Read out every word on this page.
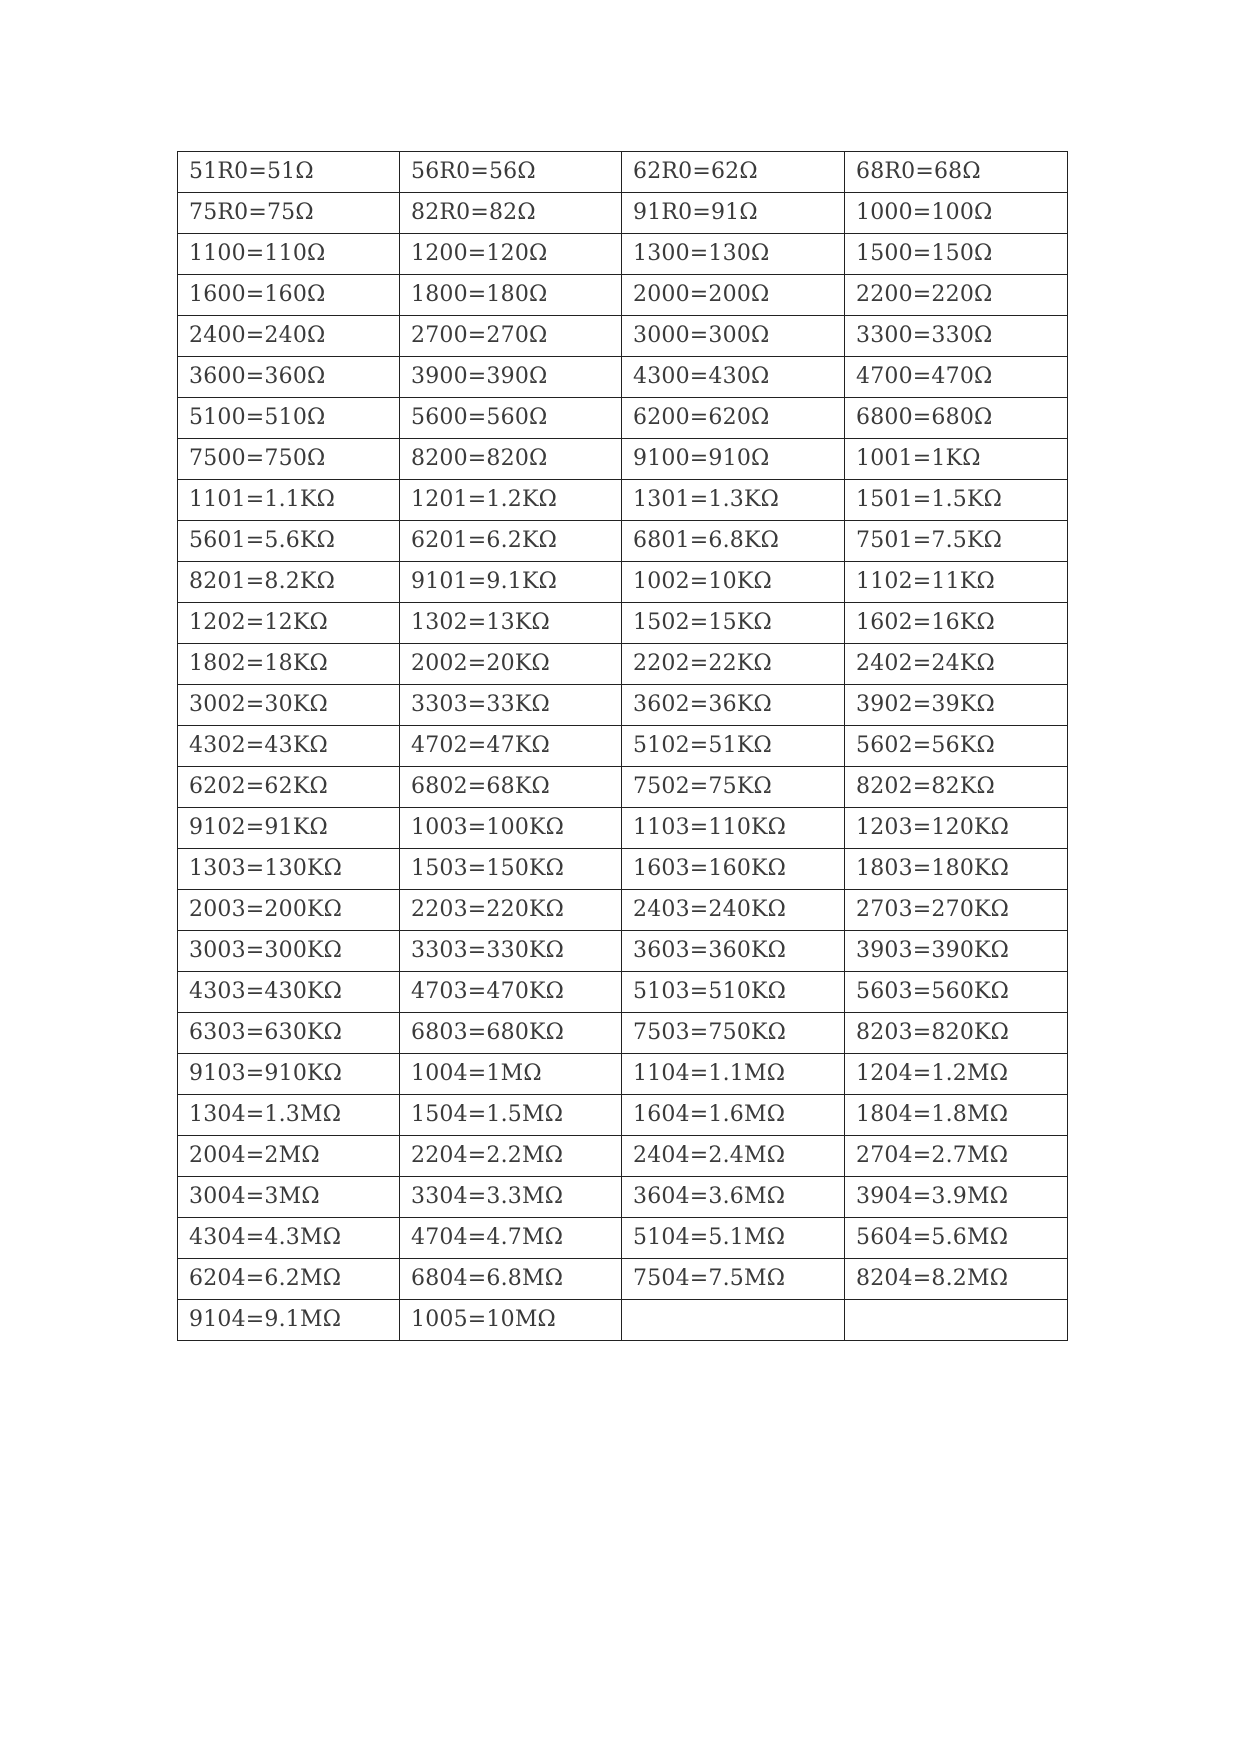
51R0=51Ω	56R0=56Ω	62R0=62Ω	68R0=68Ω
75R0=75Ω	82R0=82Ω	91R0=91Ω	1000=100Ω
1100=110Ω	1200=120Ω	1300=130Ω	1500=150Ω
1600=160Ω	1800=180Ω	2000=200Ω	2200=220Ω
2400=240Ω	2700=270Ω	3000=300Ω	3300=330Ω
3600=360Ω	3900=390Ω	4300=430Ω	4700=470Ω
5100=510Ω	5600=560Ω	6200=620Ω	6800=680Ω
7500=750Ω	8200=820Ω	9100=910Ω	1001=1KΩ
1101=1.1KΩ	1201=1.2KΩ	1301=1.3KΩ	1501=1.5KΩ
5601=5.6KΩ	6201=6.2KΩ	6801=6.8KΩ	7501=7.5KΩ
8201=8.2KΩ	9101=9.1KΩ	1002=10KΩ	1102=11KΩ
1202=12KΩ	1302=13KΩ	1502=15KΩ	1602=16KΩ
1802=18KΩ	2002=20KΩ	2202=22KΩ	2402=24KΩ
3002=30KΩ	3303=33KΩ	3602=36KΩ	3902=39KΩ
4302=43KΩ	4702=47KΩ	5102=51KΩ	5602=56KΩ
6202=62KΩ	6802=68KΩ	7502=75KΩ	8202=82KΩ
9102=91KΩ	1003=100KΩ	1103=110KΩ	1203=120KΩ
1303=130KΩ	1503=150KΩ	1603=160KΩ	1803=180KΩ
2003=200KΩ	2203=220KΩ	2403=240KΩ	2703=270KΩ
3003=300KΩ	3303=330KΩ	3603=360KΩ	3903=390KΩ
4303=430KΩ	4703=470KΩ	5103=510KΩ	5603=560KΩ
6303=630KΩ	6803=680KΩ	7503=750KΩ	8203=820KΩ
9103=910KΩ	1004=1MΩ	1104=1.1MΩ	1204=1.2MΩ
1304=1.3MΩ	1504=1.5MΩ	1604=1.6MΩ	1804=1.8MΩ
2004=2MΩ	2204=2.2MΩ	2404=2.4MΩ	2704=2.7MΩ
3004=3MΩ	3304=3.3MΩ	3604=3.6MΩ	3904=3.9MΩ
4304=4.3MΩ	4704=4.7MΩ	5104=5.1MΩ	5604=5.6MΩ
6204=6.2MΩ	6804=6.8MΩ	7504=7.5MΩ	8204=8.2MΩ
9104=9.1MΩ	1005=10MΩ		
